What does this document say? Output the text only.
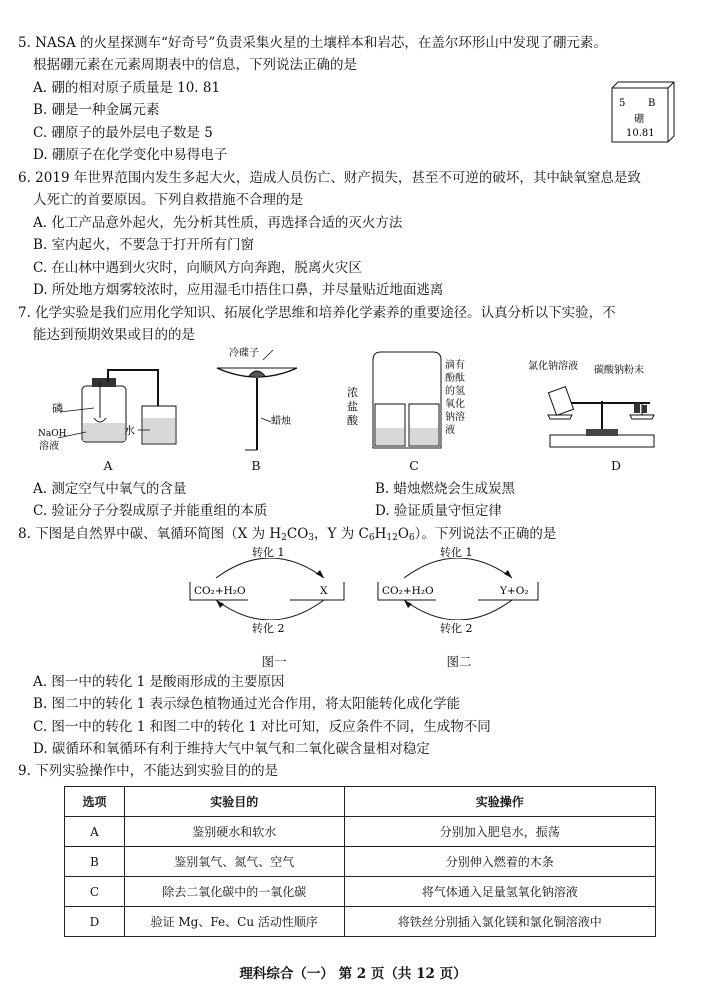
5. NASA 的火星探测车“好奇号”负责采集火星的土壤样本和岩芯，在盖尔环形山中发现了硼元素。
根据硼元素在元素周期表中的信息，下列说法正确的是
A. 硼的相对原子质量是 10. 81
B. 硼是一种金属元素
C. 硼原子的最外层电子数是 5
D. 硼原子在化学变化中易得电子
5 B
硼
10.81
6. 2019 年世界范围内发生多起大火，造成人员伤亡、财产损失，甚至不可逆的破坏，其中缺氧窒息是致
人死亡的首要原因。下列自救措施不合理的是
A. 化工产品意外起火，先分析其性质，再选择合适的灭火方法
B. 室内起火，不要急于打开所有门窗
C. 在山林中遇到火灾时，向顺风方向奔跑，脱离火灾区
D. 所处地方烟雾较浓时，应用湿毛巾捂住口鼻，并尽量贴近地面逃离
7. 化学实验是我们应用化学知识、拓展化学思维和培养化学素养的重要途径。认真分析以下实验，不
能达到预期效果或目的的是
磷
NaOH
溶液
水
冷碟子
蜡烛
浓
盐
酸
滴有
酚酞
的氢
氧化
钠溶
液
氯化钠溶液 碳酸钠粉末
A	B	C	D
A. 测定空气中氧气的含量	B. 蜡烛燃烧会生成炭黑
C. 验证分子分裂成原子并能重组的本质	D. 验证质量守恒定律
8. 下图是自然界中碳、氧循环简图（X 为 $H_2CO_3$，Y 为 $C_6H_{12}O_6$）。下列说法不正确的是
转化 1
CO₂+H₂O	X
转化 2
图一
转化 1
CO₂+H₂O	Y+O₂
转化 2
图二
A. 图一中的转化 1 是酸雨形成的主要原因
B. 图二中的转化 1 表示绿色植物通过光合作用，将太阳能转化成化学能
C. 图一中的转化 1 和图二中的转化 1 对比可知，反应条件不同，生成物不同
D. 碳循环和氧循环有利于维持大气中氧气和二氧化碳含量相对稳定
9. 下列实验操作中，不能达到实验目的的是
选项	实验目的	实验操作
A	鉴别硬水和软水	分别加入肥皂水，振荡
B	鉴别氧气、氮气、空气	分别伸入燃着的木条
C	除去二氧化碳中的一氧化碳	将气体通入足量氢氧化钠溶液
D	验证 Mg、Fe、Cu 活动性顺序	将铁丝分别插入氯化镁和氯化铜溶液中
理科综合（一） 第 2 页（共 12 页）
